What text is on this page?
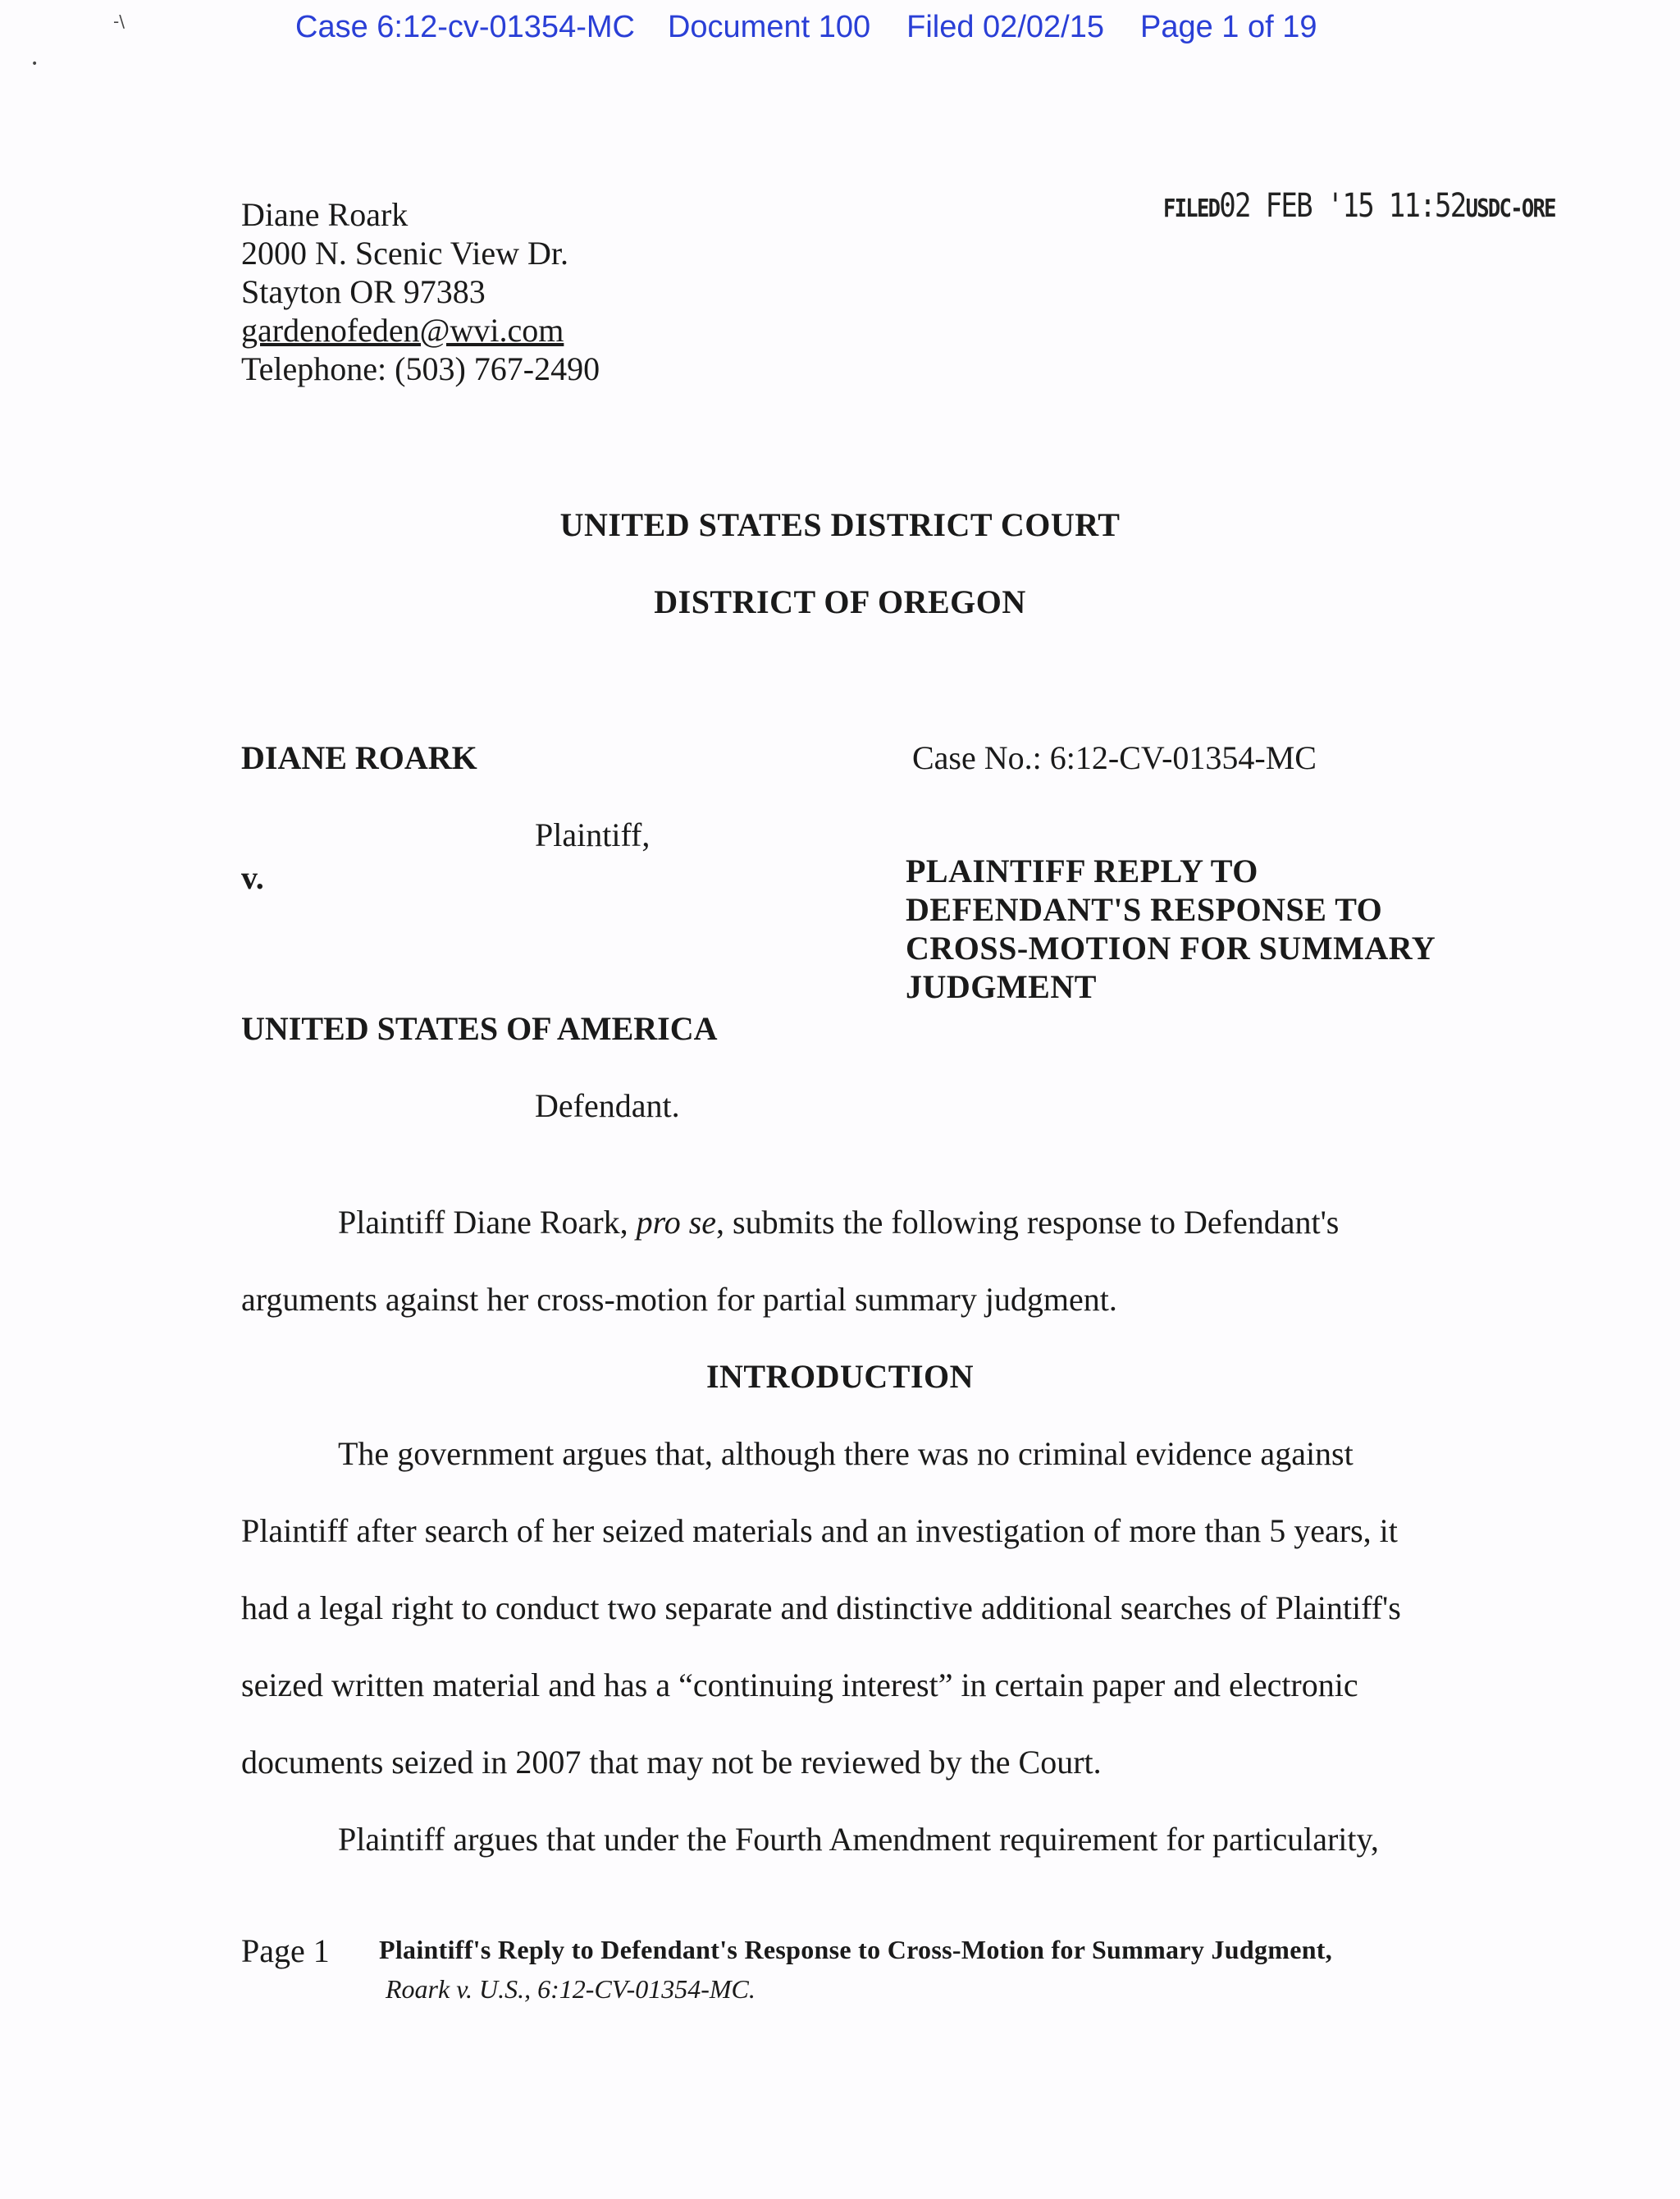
Case 6:12-cv-01354-MC Document 100 Filed 02/02/15 Page 1 of 19
-\
•
FILED02 FEB '15 11:52USDC-ORE
Diane Roark
2000 N. Scenic View Dr.
Stayton OR 97383
gardenofeden@wvi.com
Telephone: (503) 767-2490
UNITED STATES DISTRICT COURT
DISTRICT OF OREGON
DIANE ROARK	Case No.: 6:12-CV-01354-MC
Plaintiff,
v.	PLAINTIFF REPLY TO
DEFENDANT'S RESPONSE TO
CROSS-MOTION FOR SUMMARY
JUDGMENT
UNITED STATES OF AMERICA
Defendant.
Plaintiff Diane Roark, pro se, submits the following response to Defendant's
arguments against her cross-motion for partial summary judgment.
INTRODUCTION
The government argues that, although there was no criminal evidence against
Plaintiff after search of her seized materials and an investigation of more than 5 years, it
had a legal right to conduct two separate and distinctive additional searches of Plaintiff's
seized written material and has a “continuing interest” in certain paper and electronic
documents seized in 2007 that may not be reviewed by the Court.
Plaintiff argues that under the Fourth Amendment requirement for particularity,
Page 1 Plaintiff's Reply to Defendant's Response to Cross-Motion for Summary Judgment,
Roark v. U.S., 6:12-CV-01354-MC.
